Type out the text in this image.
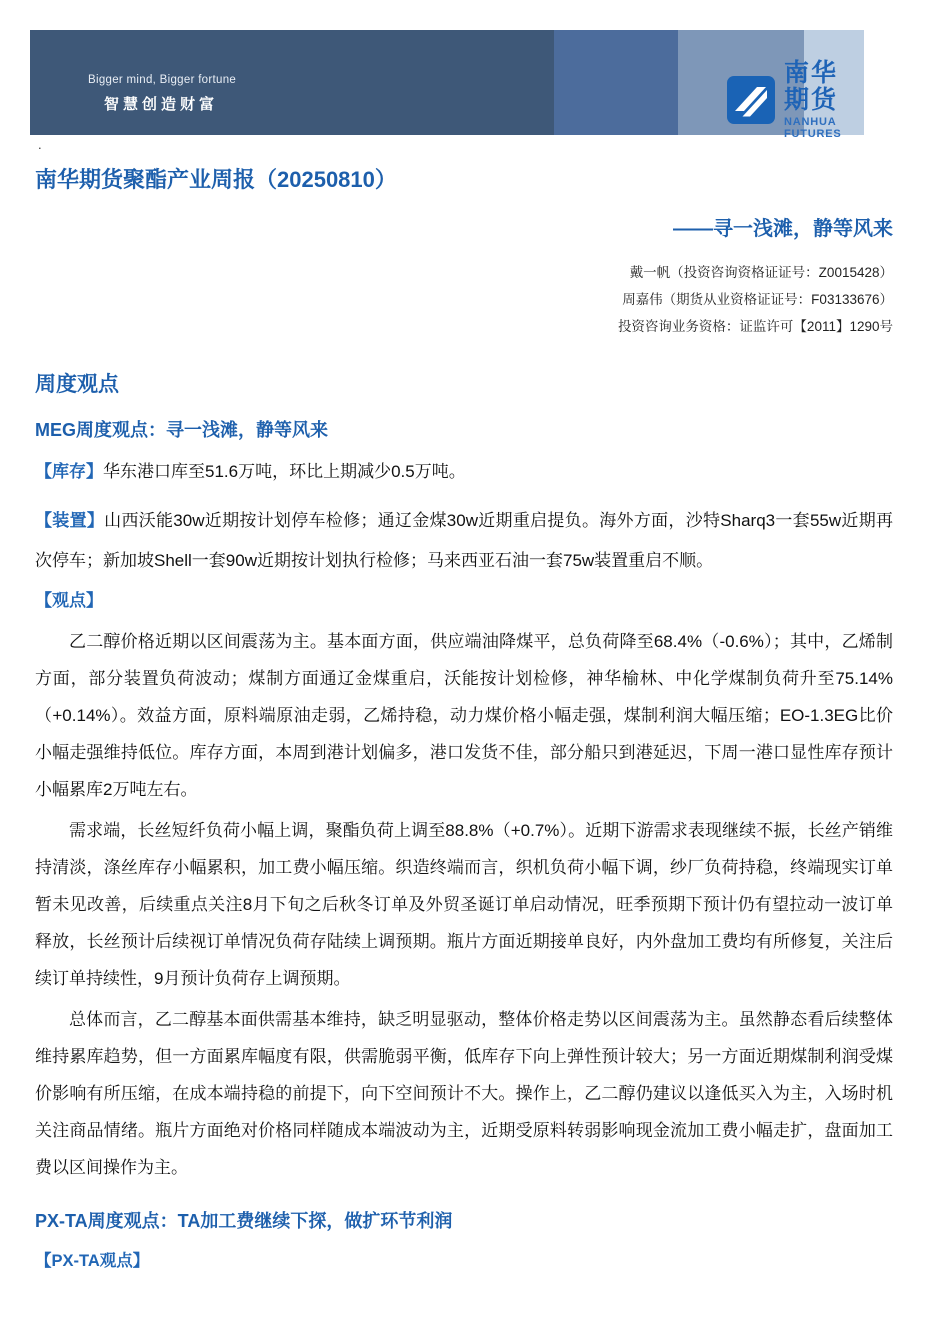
Bigger mind, Bigger fortune
智慧创造财富
南华期货
NANHUA FUTURES
.
南华期货聚酯产业周报（20250810）
——寻一浅滩，静等风来
戴一帆（投资咨询资格证证号：Z0015428）
周嘉伟（期货从业资格证证号：F03133676）
投资咨询业务资格：证监许可【2011】1290号
周度观点
MEG周度观点：寻一浅滩，静等风来

【库存】华东港口库至51.6万吨，环比上期减少0.5万吨。

【装置】山西沃能30w近期按计划停车检修；通辽金煤30w近期重启提负。海外方面，沙特Sharq3一套55w近期再次停车；新加坡Shell一套90w近期按计划执行检修；马来西亚石油一套75w装置重启不顺。

【观点】

乙二醇价格近期以区间震荡为主。基本面方面，供应端油降煤平，总负荷降至68.4%（-0.6%）；其中，乙烯制方面，部分装置负荷波动；煤制方面通辽金煤重启，沃能按计划检修，神华榆林、中化学煤制负荷升至75.14%（+0.14%）。效益方面，原料端原油走弱，乙烯持稳，动力煤价格小幅走强，煤制利润大幅压缩；EO-1.3EG比价小幅走强维持低位。库存方面，本周到港计划偏多，港口发货不佳，部分船只到港延迟，下周一港口显性库存预计小幅累库2万吨左右。

需求端，长丝短纤负荷小幅上调，聚酯负荷上调至88.8%（+0.7%）。近期下游需求表现继续不振，长丝产销维持清淡，涤丝库存小幅累积，加工费小幅压缩。织造终端而言，织机负荷小幅下调，纱厂负荷持稳，终端现实订单暂未见改善，后续重点关注8月下旬之后秋冬订单及外贸圣诞订单启动情况，旺季预期下预计仍有望拉动一波订单释放，长丝预计后续视订单情况负荷存陆续上调预期。瓶片方面近期接单良好，内外盘加工费均有所修复，关注后续订单持续性，9月预计负荷存上调预期。

总体而言，乙二醇基本面供需基本维持，缺乏明显驱动，整体价格走势以区间震荡为主。虽然静态看后续整体维持累库趋势，但一方面累库幅度有限，供需脆弱平衡，低库存下向上弹性预计较大；另一方面近期煤制利润受煤价影响有所压缩，在成本端持稳的前提下，向下空间预计不大。操作上，乙二醇仍建议以逢低买入为主，入场时机关注商品情绪。瓶片方面绝对价格同样随成本端波动为主，近期受原料转弱影响现金流加工费小幅走扩，盘面加工费以区间操作为主。

PX-TA周度观点：TA加工费继续下探，做扩环节利润

【PX-TA观点】
